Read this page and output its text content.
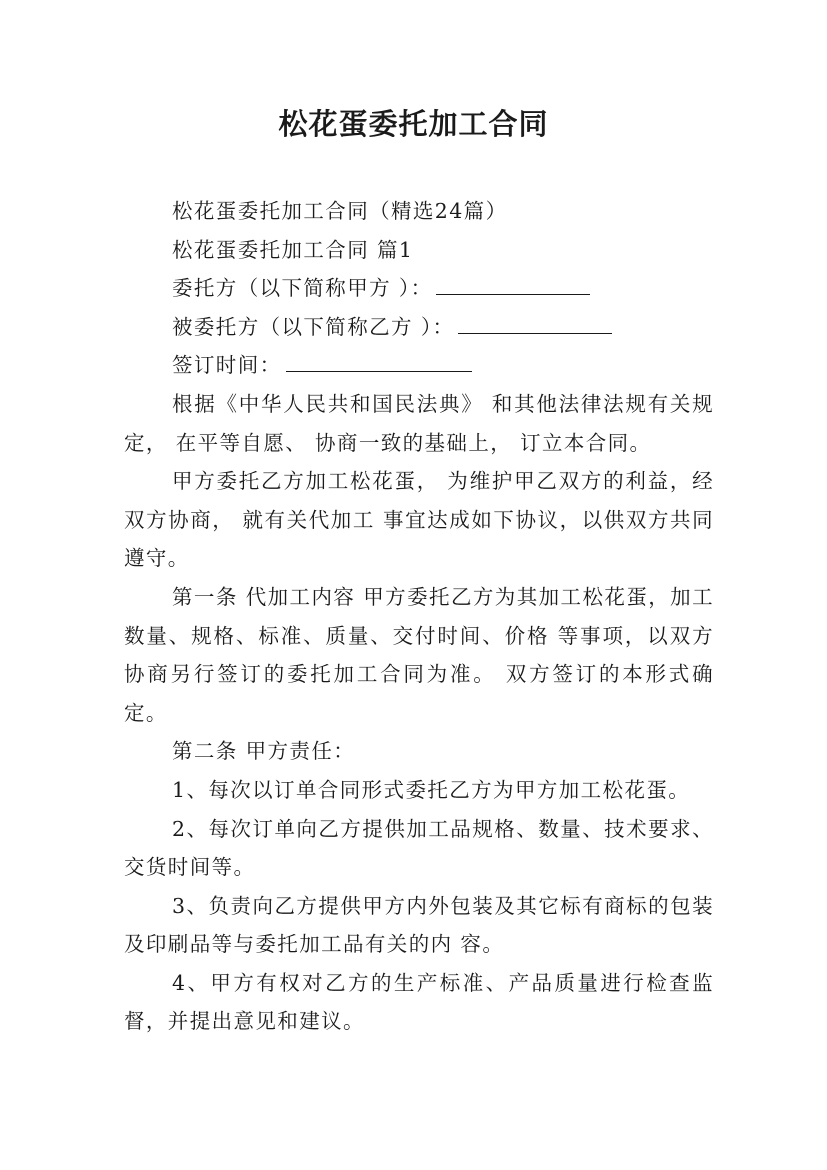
松花蛋委托加工合同

松花蛋委托加工合同（精选24篇）

松花蛋委托加工合同 篇1

委托方（以下简称甲方 ）：

被委托方（以下简称乙方 ）：

签订时间：

根据《中华人民共和国民法典》 和其他法律法规有关规定， 在平等自愿、 协商一致的基础上， 订立本合同。

甲方委托乙方加工松花蛋， 为维护甲乙双方的利益，经双方协商， 就有关代加工 事宜达成如下协议，以供双方共同遵守。

第一条 代加工内容 甲方委托乙方为其加工松花蛋，加工数量、规格、标准、质量、交付时间、价格 等事项，以双方协商另行签订的委托加工合同为准。 双方签订的本形式确定。

第二条 甲方责任：

1、每次以订单合同形式委托乙方为甲方加工松花蛋。

2、每次订单向乙方提供加工品规格、数量、技术要求、交货时间等。

3、负责向乙方提供甲方内外包装及其它标有商标的包装及印刷品等与委托加工品有关的内 容。

4、甲方有权对乙方的生产标准、产品质量进行检查监督，并提出意见和建议。
